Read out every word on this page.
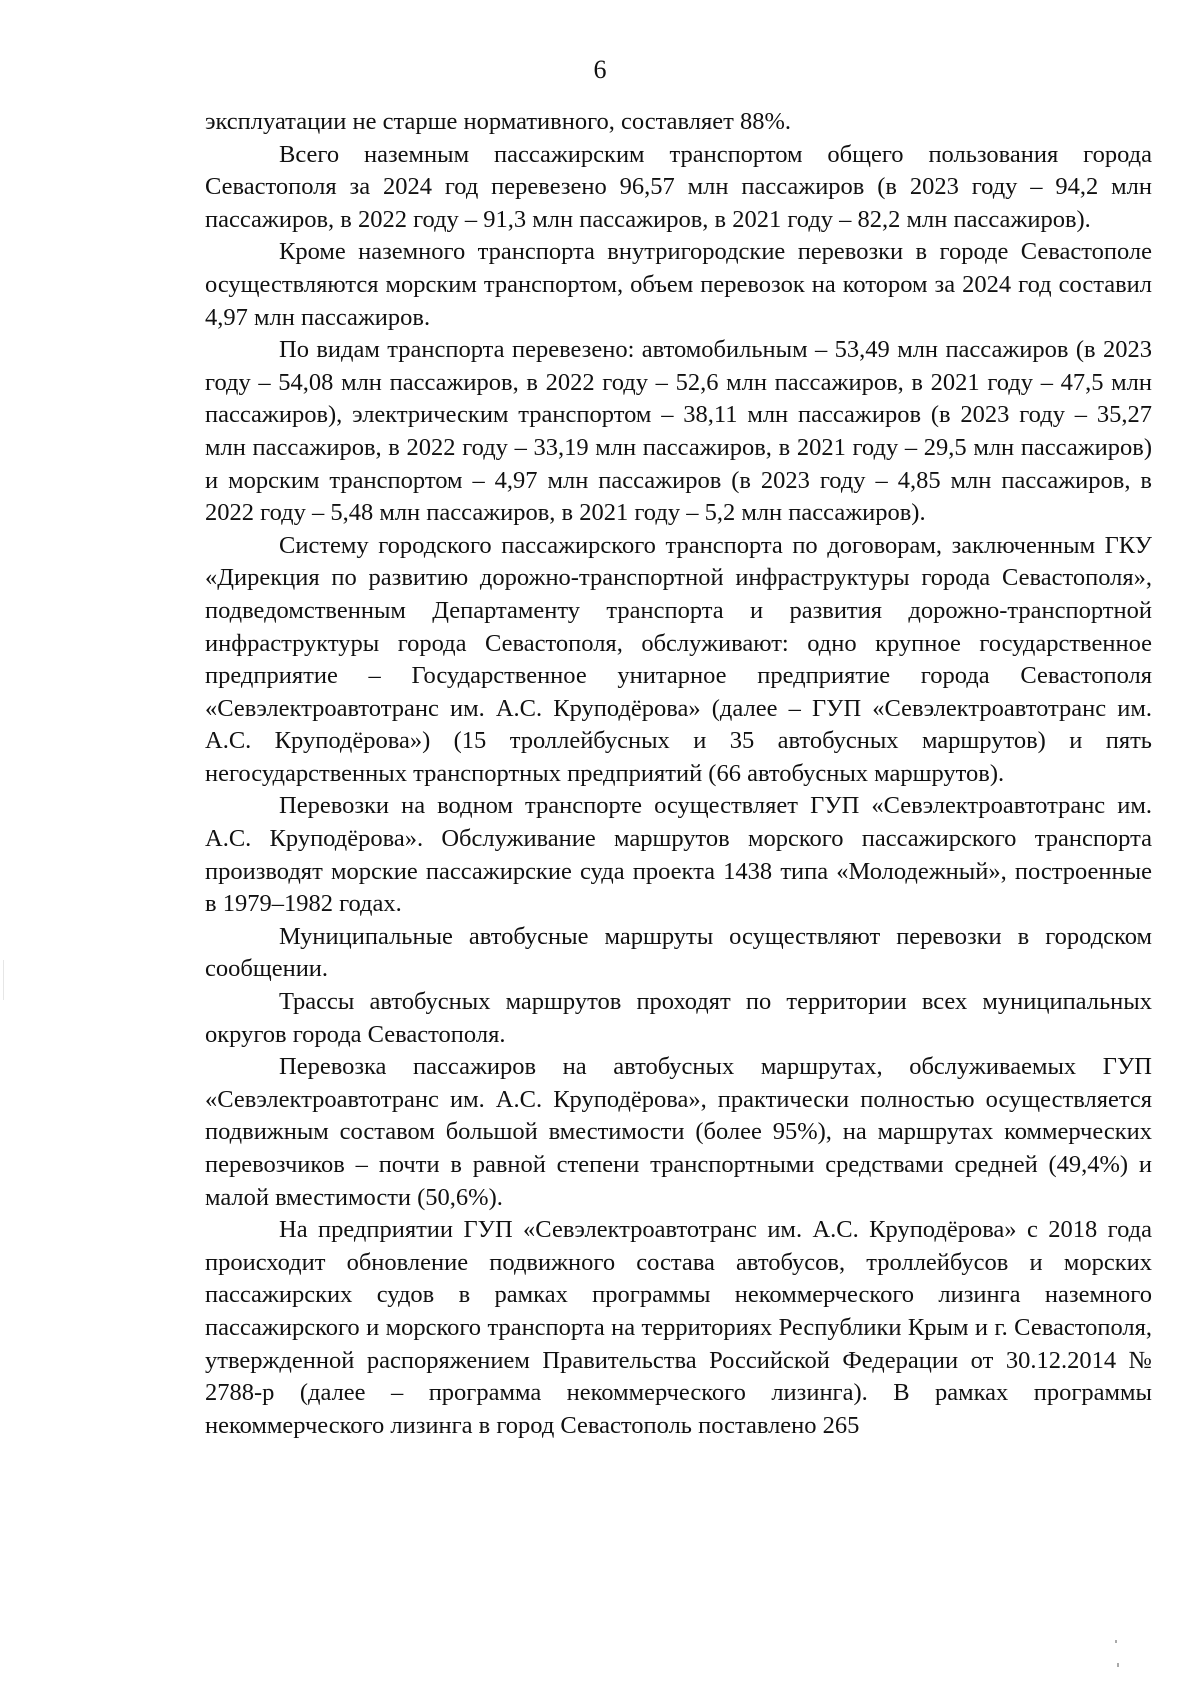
6

эксплуатации не старше нормативного, составляет 88%.

Всего наземным пассажирским транспортом общего пользования города Севастополя за 2024 год перевезено 96,57 млн пассажиров (в 2023 году – 94,2 млн пассажиров, в 2022 году – 91,3 млн пассажиров, в 2021 году – 82,2 млн пассажиров).

Кроме наземного транспорта внутригородские перевозки в городе Севастополе осуществляются морским транспортом, объем перевозок на котором за 2024 год составил 4,97 млн пассажиров.

По видам транспорта перевезено: автомобильным – 53,49 млн пассажиров (в 2023 году – 54,08 млн пассажиров, в 2022 году – 52,6 млн пассажиров, в 2021 году – 47,5 млн пассажиров), электрическим транспортом – 38,11 млн пассажиров (в 2023 году – 35,27 млн пассажиров, в 2022 году – 33,19 млн пассажиров, в 2021 году – 29,5 млн пассажиров) и морским транспортом – 4,97 млн пассажиров (в 2023 году – 4,85 млн пассажиров, в 2022 году – 5,48 млн пассажиров, в 2021 году – 5,2 млн пассажиров).

Систему городского пассажирского транспорта по договорам, заключенным ГКУ «Дирекция по развитию дорожно-транспортной инфраструктуры города Севастополя», подведомственным Департаменту транспорта и развития дорожно-транспортной инфраструктуры города Севастополя, обслуживают: одно крупное государственное предприятие – Государственное унитарное предприятие города Севастополя «Севэлектроавтотранс им. А.С. Круподёрова» (далее – ГУП «Севэлектроавтотранс им. А.С. Круподёрова») (15 троллейбусных и 35 автобусных маршрутов) и пять негосударственных транспортных предприятий (66 автобусных маршрутов).

Перевозки на водном транспорте осуществляет ГУП «Севэлектроавтотранс им. А.С. Круподёрова». Обслуживание маршрутов морского пассажирского транспорта производят морские пассажирские суда проекта 1438 типа «Молодежный», построенные в 1979–1982 годах.

Муниципальные автобусные маршруты осуществляют перевозки в городском сообщении.

Трассы автобусных маршрутов проходят по территории всех муниципальных округов города Севастополя.

Перевозка пассажиров на автобусных маршрутах, обслуживаемых ГУП «Севэлектроавтотранс им. А.С. Круподёрова», практически полностью осуществляется подвижным составом большой вместимости (более 95%), на маршрутах коммерческих перевозчиков – почти в равной степени транспортными средствами средней (49,4%) и малой вместимости (50,6%).

На предприятии ГУП «Севэлектроавтотранс им. А.С. Круподёрова» с 2018 года происходит обновление подвижного состава автобусов, троллейбусов и морских пассажирских судов в рамках программы некоммерческого лизинга наземного пассажирского и морского транспорта на территориях Республики Крым и г. Севастополя, утвержденной распоряжением Правительства Российской Федерации от 30.12.2014 № 2788-р (далее – программа некоммерческого лизинга). В рамках программы некоммерческого лизинга в город Севастополь поставлено 265
